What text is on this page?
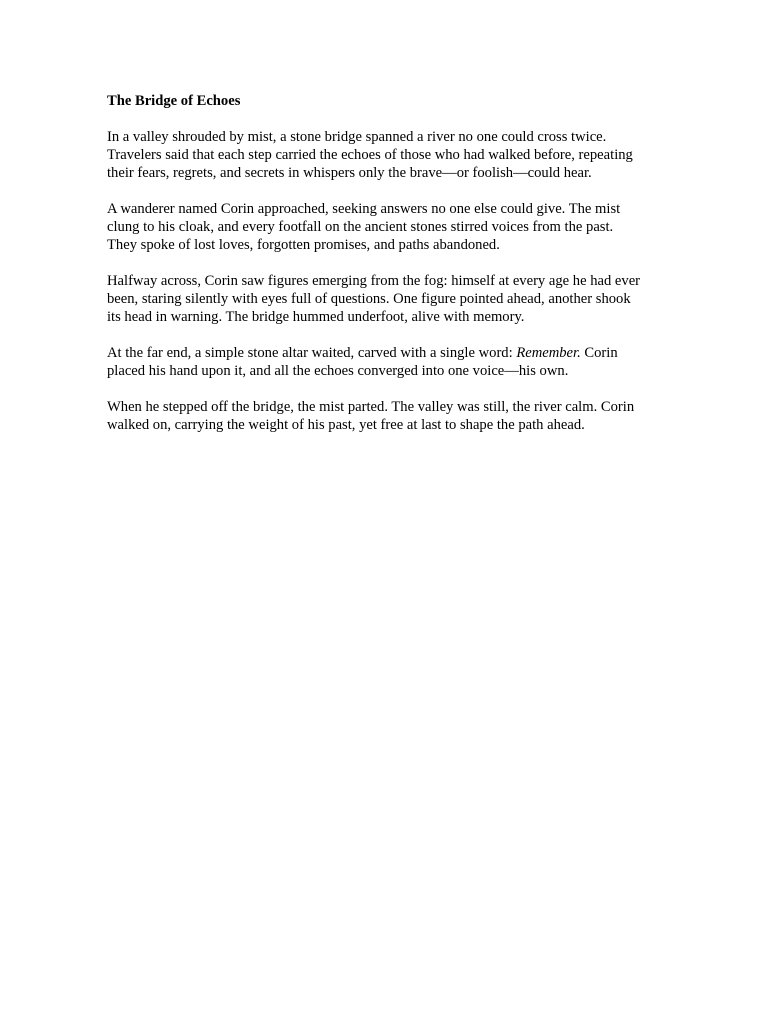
The Bridge of Echoes

In a valley shrouded by mist, a stone bridge spanned a river no one could cross twice.
Travelers said that each step carried the echoes of those who had walked before, repeating
their fears, regrets, and secrets in whispers only the brave—or foolish—could hear.

A wanderer named Corin approached, seeking answers no one else could give. The mist
clung to his cloak, and every footfall on the ancient stones stirred voices from the past.
They spoke of lost loves, forgotten promises, and paths abandoned.

Halfway across, Corin saw figures emerging from the fog: himself at every age he had ever
been, staring silently with eyes full of questions. One figure pointed ahead, another shook
its head in warning. The bridge hummed underfoot, alive with memory.

At the far end, a simple stone altar waited, carved with a single word: Remember. Corin
placed his hand upon it, and all the echoes converged into one voice—his own.

When he stepped off the bridge, the mist parted. The valley was still, the river calm. Corin
walked on, carrying the weight of his past, yet free at last to shape the path ahead.
